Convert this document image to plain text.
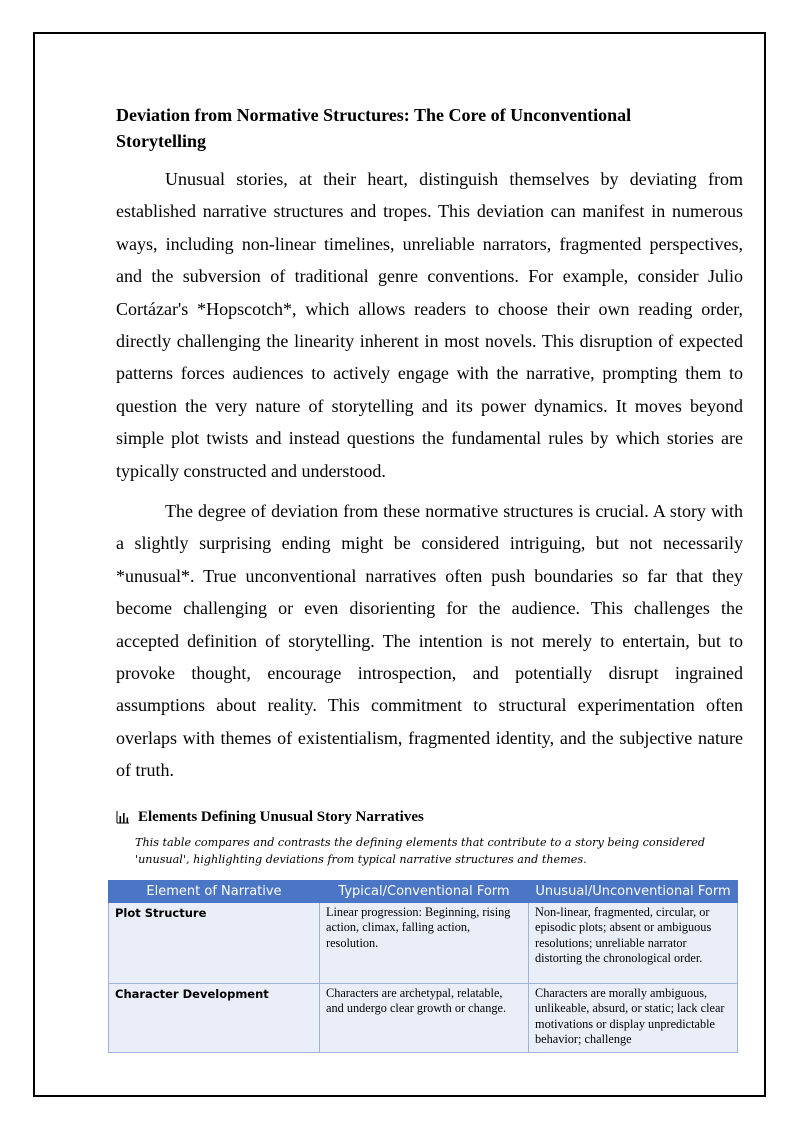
Deviation from Normative Structures: The Core of Unconventional Storytelling

Unusual stories, at their heart, distinguish themselves by deviating from established narrative structures and tropes. This deviation can manifest in numerous ways, including non-linear timelines, unreliable narrators, fragmented perspectives, and the subversion of traditional genre conventions. For example, consider Julio Cortázar's *Hopscotch*, which allows readers to choose their own reading order, directly challenging the linearity inherent in most novels. This disruption of expected patterns forces audiences to actively engage with the narrative, prompting them to question the very nature of storytelling and its power dynamics. It moves beyond simple plot twists and instead questions the fundamental rules by which stories are typically constructed and understood.

The degree of deviation from these normative structures is crucial. A story with a slightly surprising ending might be considered intriguing, but not necessarily *unusual*. True unconventional narratives often push boundaries so far that they become challenging or even disorienting for the audience. This challenges the accepted definition of storytelling. The intention is not merely to entertain, but to provoke thought, encourage introspection, and potentially disrupt ingrained assumptions about reality. This commitment to structural experimentation often overlaps with themes of existentialism, fragmented identity, and the subjective nature of truth.

Elements Defining Unusual Story Narratives
This table compares and contrasts the defining elements that contribute to a story being considered 'unusual', highlighting deviations from typical narrative structures and themes.
Element of Narrative	Typical/Conventional Form	Unusual/Unconventional Form
Plot Structure	Linear progression: Beginning, rising action, climax, falling action, resolution.	Non-linear, fragmented, circular, or episodic plots; absent or ambiguous resolutions; unreliable narrator distorting the chronological order.
Character Development	Characters are archetypal, relatable, and undergo clear growth or change.	Characters are morally ambiguous, unlikeable, absurd, or static; lack clear motivations or display unpredictable behavior; challenge
